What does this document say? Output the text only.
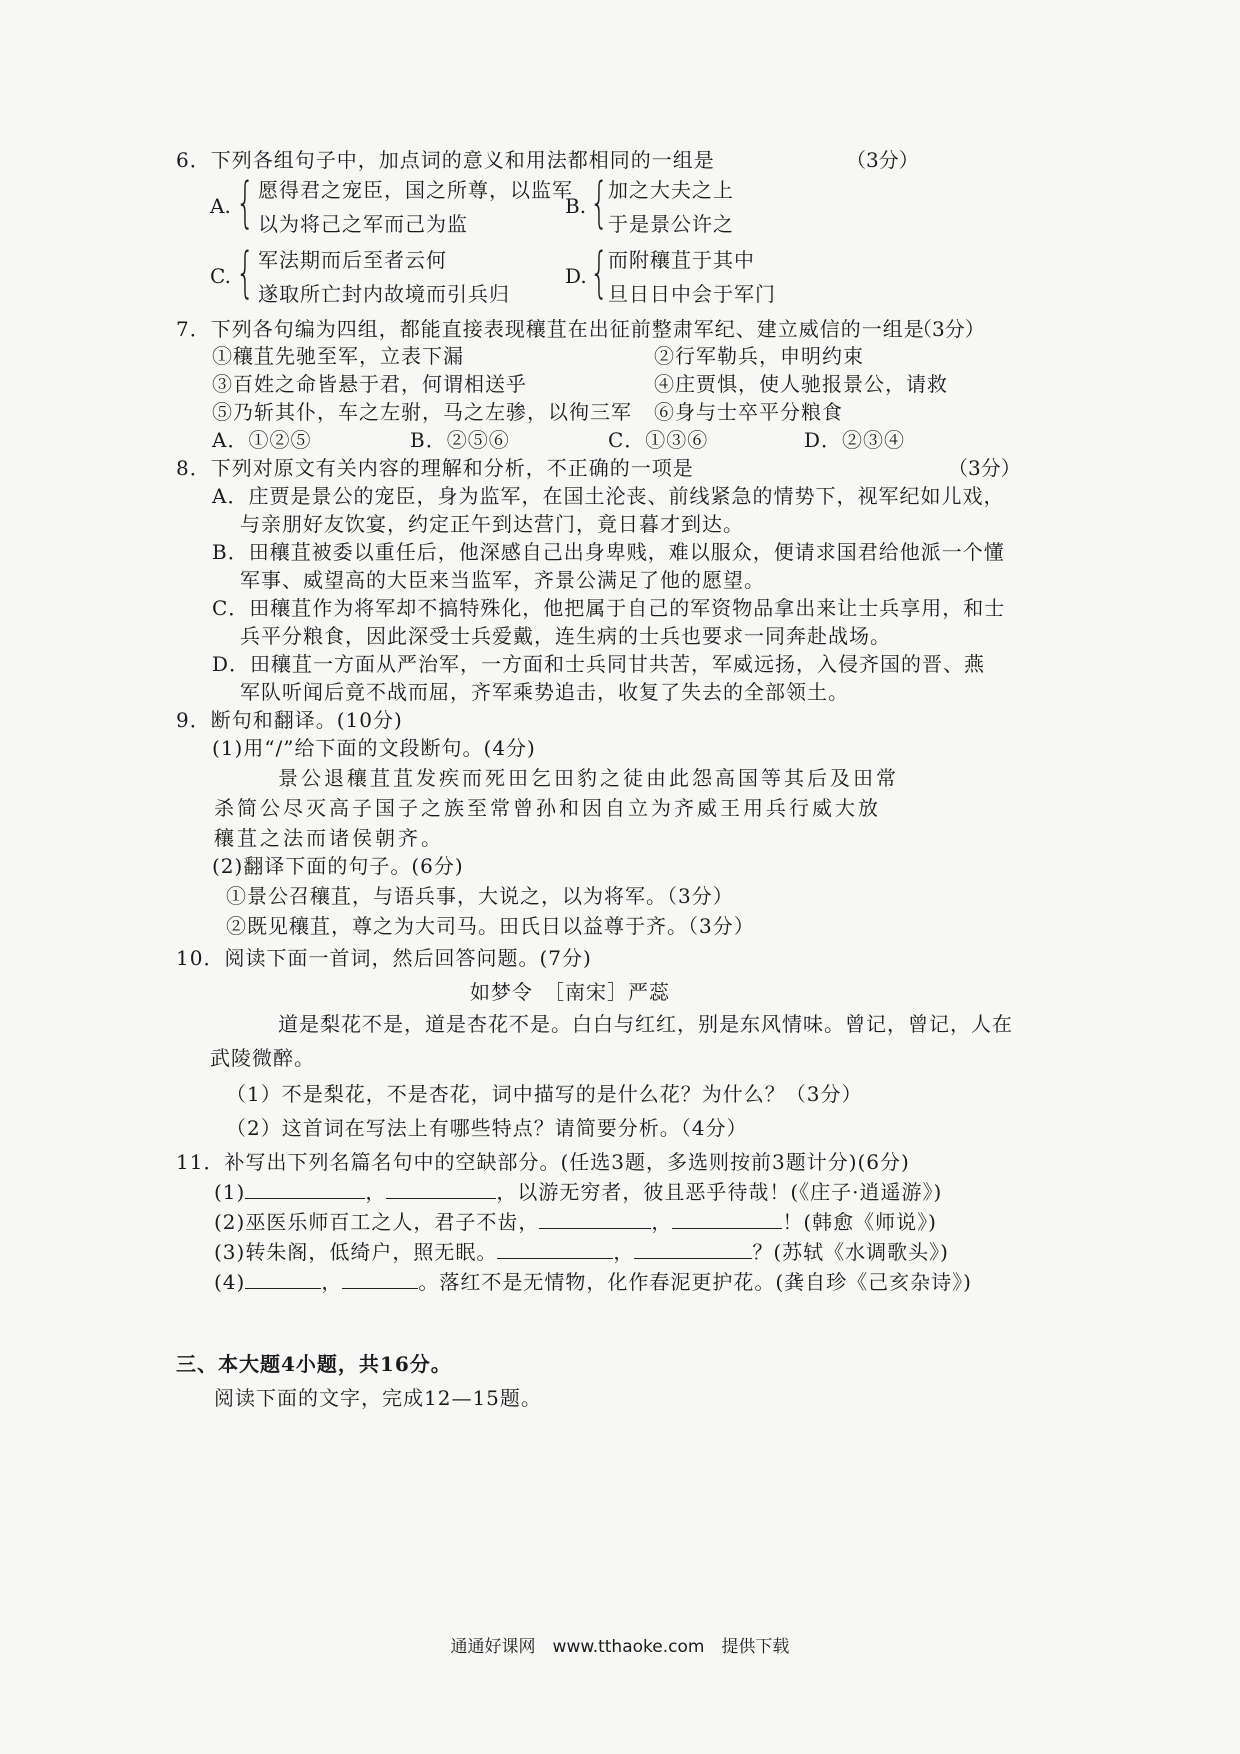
6．下列各组句子中，加点词的意义和用法都相同的一组是	（3分）
A. { 愿得君之宠臣，国之所尊，以监军
以为将己之军而己为监
B. { 加之大夫之上
于是景公许之
C. { 军法期而后至者云何
遂取所亡封内故境而引兵归
D. { 而附穰苴于其中
旦日日中会于军门
7．下列各句编为四组，都能直接表现穰苴在出征前整肃军纪、建立威信的一组是
（3分）
①穰苴先驰至军，立表下漏	②行军勒兵，申明约束
③百姓之命皆悬于君，何谓相送乎	④庄贾惧，使人驰报景公，请救
⑤乃斩其仆，车之左驸，马之左骖，以徇三军 ⑥身与士卒平分粮食
A．①②⑤	B．②⑤⑥	C．①③⑥	D．②③④
8．下列对原文有关内容的理解和分析，不正确的一项是	（3分）
A．庄贾是景公的宠臣，身为监军，在国土沦丧、前线紧急的情势下，视军纪如儿戏，
与亲朋好友饮宴，约定正午到达营门，竟日暮才到达。
B．田穰苴被委以重任后，他深感自己出身卑贱，难以服众，便请求国君给他派一个懂
军事、威望高的大臣来当监军，齐景公满足了他的愿望。
C．田穰苴作为将军却不搞特殊化，他把属于自己的军资物品拿出来让士兵享用，和士
兵平分粮食，因此深受士兵爱戴，连生病的士兵也要求一同奔赴战场。
D．田穰苴一方面从严治军，一方面和士兵同甘共苦，军威远扬，入侵齐国的晋、燕
军队听闻后竟不战而屈，齐军乘势追击，收复了失去的全部领土。
9．断句和翻译。(10分)
(1)用“/”给下面的文段断句。(4分)
景公退穰苴苴发疾而死田乞田豹之徒由此怨高国等其后及田常
杀简公尽灭高子国子之族至常曾孙和因自立为齐威王用兵行威大放
穰苴之法而诸侯朝齐。
(2)翻译下面的句子。(6分)
①景公召穰苴，与语兵事，大说之，以为将军。（3分）
②既见穰苴，尊之为大司马。田氏日以益尊于齐。（3分）
10．阅读下面一首词，然后回答问题。(7分)
如梦令　［南宋］严蕊
道是梨花不是，道是杏花不是。白白与红红，别是东风情味。曾记，曾记，人在
武陵微醉。
（1）不是梨花，不是杏花，词中描写的是什么花？为什么？（3分）
（2）这首词在写法上有哪些特点？请简要分析。（4分）
11．补写出下列名篇名句中的空缺部分。(任选3题，多选则按前3题计分)(6分)
(1)	，	，以游无穷者，彼且恶乎待哉！(《庄子·逍遥游》)
(2)巫医乐师百工之人，君子不齿，	，	！(韩愈《师说》)
(3)转朱阁，低绮户，照无眠。	，	？(苏轼《水调歌头》)
(4)	，	。落红不是无情物，化作春泥更护花。(龚自珍《己亥杂诗》)
三、本大题4小题，共16分。
阅读下面的文字，完成12—15题。
通通好课网　www.tthaoke.com　提供下载
